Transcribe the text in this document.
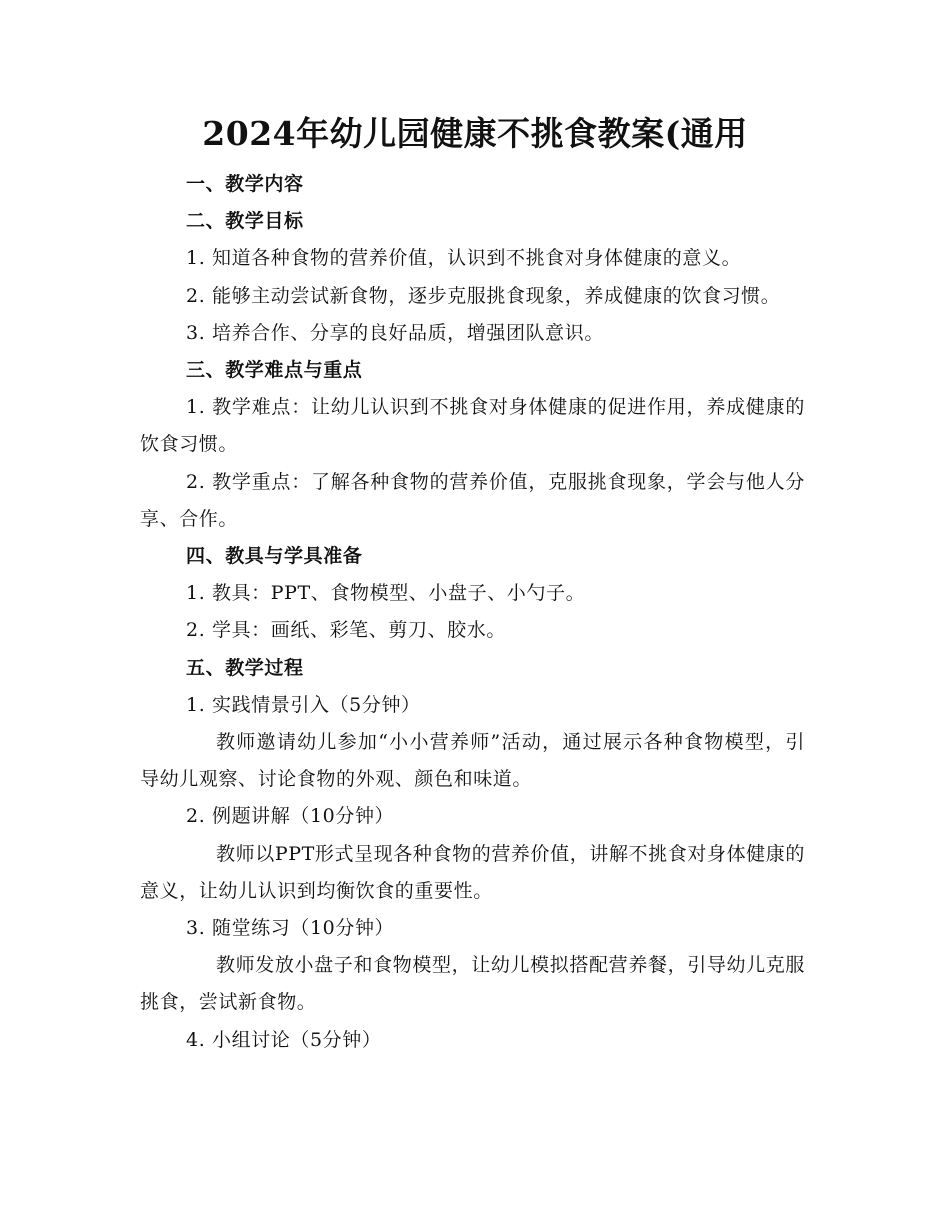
2024年幼儿园健康不挑食教案(通用

一、教学内容

二、教学目标

1. 知道各种食物的营养价值，认识到不挑食对身体健康的意义。

2. 能够主动尝试新食物，逐步克服挑食现象，养成健康的饮食习惯。

3. 培养合作、分享的良好品质，增强团队意识。

三、教学难点与重点

1. 教学难点：让幼儿认识到不挑食对身体健康的促进作用，养成健康的饮食习惯。

2. 教学重点：了解各种食物的营养价值，克服挑食现象，学会与他人分享、合作。

四、教具与学具准备

1. 教具：PPT、食物模型、小盘子、小勺子。

2. 学具：画纸、彩笔、剪刀、胶水。

五、教学过程

1. 实践情景引入（5分钟）

教师邀请幼儿参加“小小营养师”活动，通过展示各种食物模型，引导幼儿观察、讨论食物的外观、颜色和味道。

2. 例题讲解（10分钟）

教师以PPT形式呈现各种食物的营养价值，讲解不挑食对身体健康的意义，让幼儿认识到均衡饮食的重要性。

3. 随堂练习（10分钟）

教师发放小盘子和食物模型，让幼儿模拟搭配营养餐，引导幼儿克服挑食，尝试新食物。

4. 小组讨论（5分钟）
